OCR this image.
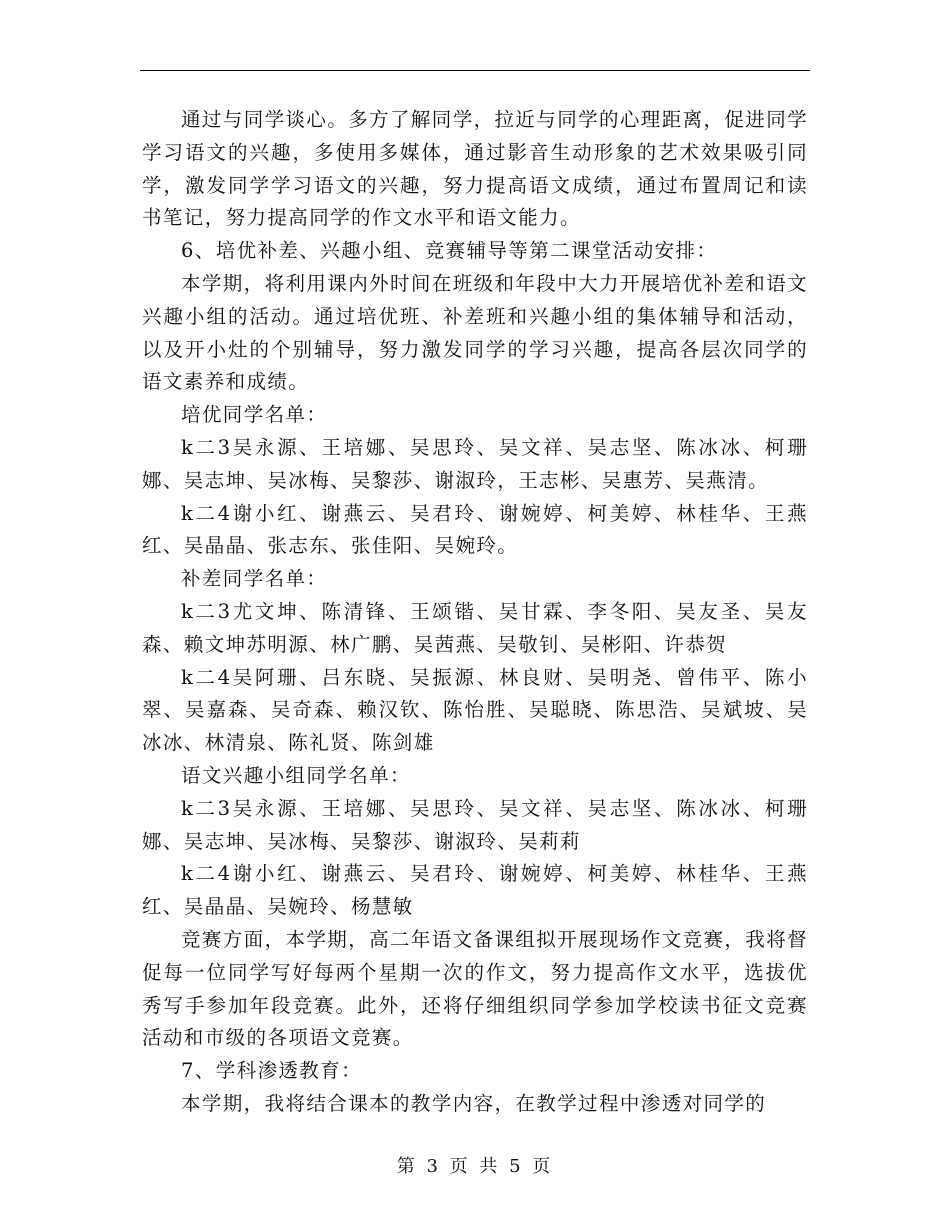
通过与同学谈心。多方了解同学，拉近与同学的心理距离，促进同学学习语文的兴趣，多使用多媒体，通过影音生动形象的艺术效果吸引同学，激发同学学习语文的兴趣，努力提高语文成绩，通过布置周记和读书笔记，努力提高同学的作文水平和语文能力。

6、培优补差、兴趣小组、竞赛辅导等第二课堂活动安排：

本学期，将利用课内外时间在班级和年段中大力开展培优补差和语文兴趣小组的活动。通过培优班、补差班和兴趣小组的集体辅导和活动，以及开小灶的个别辅导，努力激发同学的学习兴趣，提高各层次同学的语文素养和成绩。

培优同学名单：

k二3吴永源、王培娜、吴思玲、吴文祥、吴志坚、陈冰冰、柯珊娜、吴志坤、吴冰梅、吴黎莎、谢淑玲，王志彬、吴惠芳、吴燕清。

k二4谢小红、谢燕云、吴君玲、谢婉婷、柯美婷、林桂华、王燕红、吴晶晶、张志东、张佳阳、吴婉玲。

补差同学名单：

k二3尤文坤、陈清锋、王颂锴、吴甘霖、李冬阳、吴友圣、吴友森、赖文坤苏明源、林广鹏、吴茜燕、吴敬钊、吴彬阳、许恭贺

k二4吴阿珊、吕东晓、吴振源、林良财、吴明尧、曾伟平、陈小翠、吴嘉森、吴奇森、赖汉钦、陈怡胜、吴聪晓、陈思浩、吴斌坡、吴冰冰、林清泉、陈礼贤、陈剑雄

语文兴趣小组同学名单：

k二3吴永源、王培娜、吴思玲、吴文祥、吴志坚、陈冰冰、柯珊娜、吴志坤、吴冰梅、吴黎莎、谢淑玲、吴莉莉

k二4谢小红、谢燕云、吴君玲、谢婉婷、柯美婷、林桂华、王燕红、吴晶晶、吴婉玲、杨慧敏

竞赛方面，本学期，高二年语文备课组拟开展现场作文竞赛，我将督促每一位同学写好每两个星期一次的作文，努力提高作文水平，选拔优秀写手参加年段竞赛。此外，还将仔细组织同学参加学校读书征文竞赛活动和市级的各项语文竞赛。

7、学科渗透教育：

本学期，我将结合课本的教学内容，在教学过程中渗透对同学的

第 3 页 共 5 页
